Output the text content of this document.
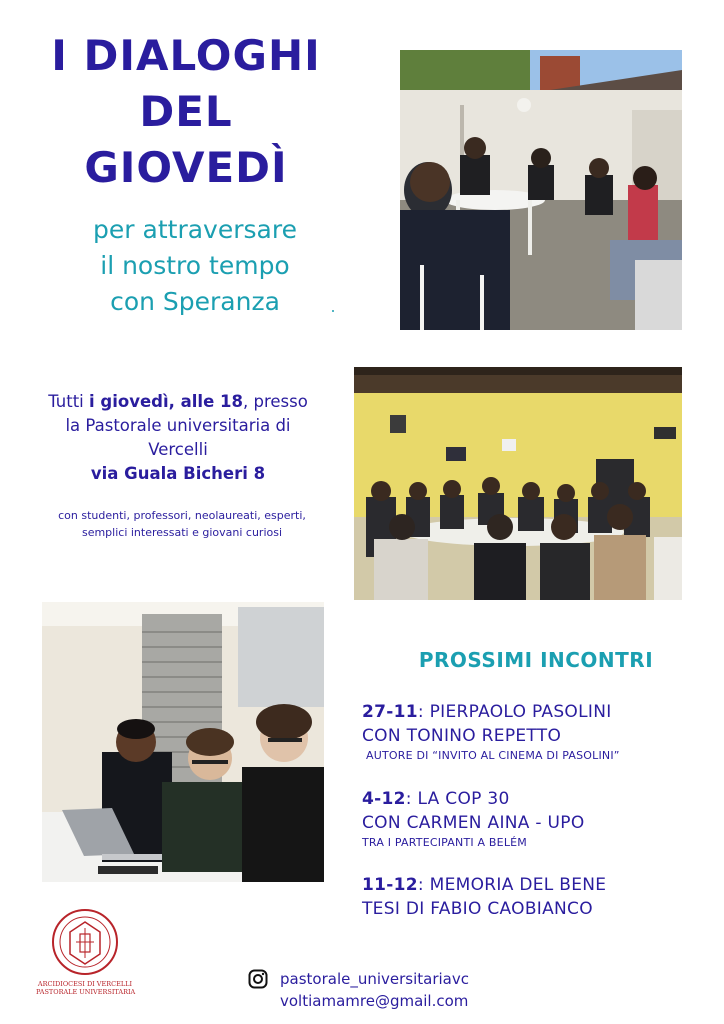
I DIALOGHI
DEL
GIOVEDÌ
per attraversare
il nostro tempo
con Speranza
Tutti i giovedì, alle 18, presso
la Pastorale universitaria di
Vercelli
via Guala Bicheri 8
con studenti, professori, neolaureati, esperti,
semplici interessati e giovani curiosi
PROSSIMI INCONTRI
27-11: PIERPAOLO PASOLINI
CON TONINO REPETTO
AUTORE DI “INVITO AL CINEMA DI PASOLINI”
4-12: LA COP 30
CON CARMEN AINA - UPO
TRA I PARTECIPANTI A BELÉM
11-12: MEMORIA DEL BENE
TESI DI FABIO CAOBIANCO
ARCIDIOCESI DI VERCELLI
PASTORALE UNIVERSITARIA
pastorale_universitariavc
voltiamamre@gmail.com
